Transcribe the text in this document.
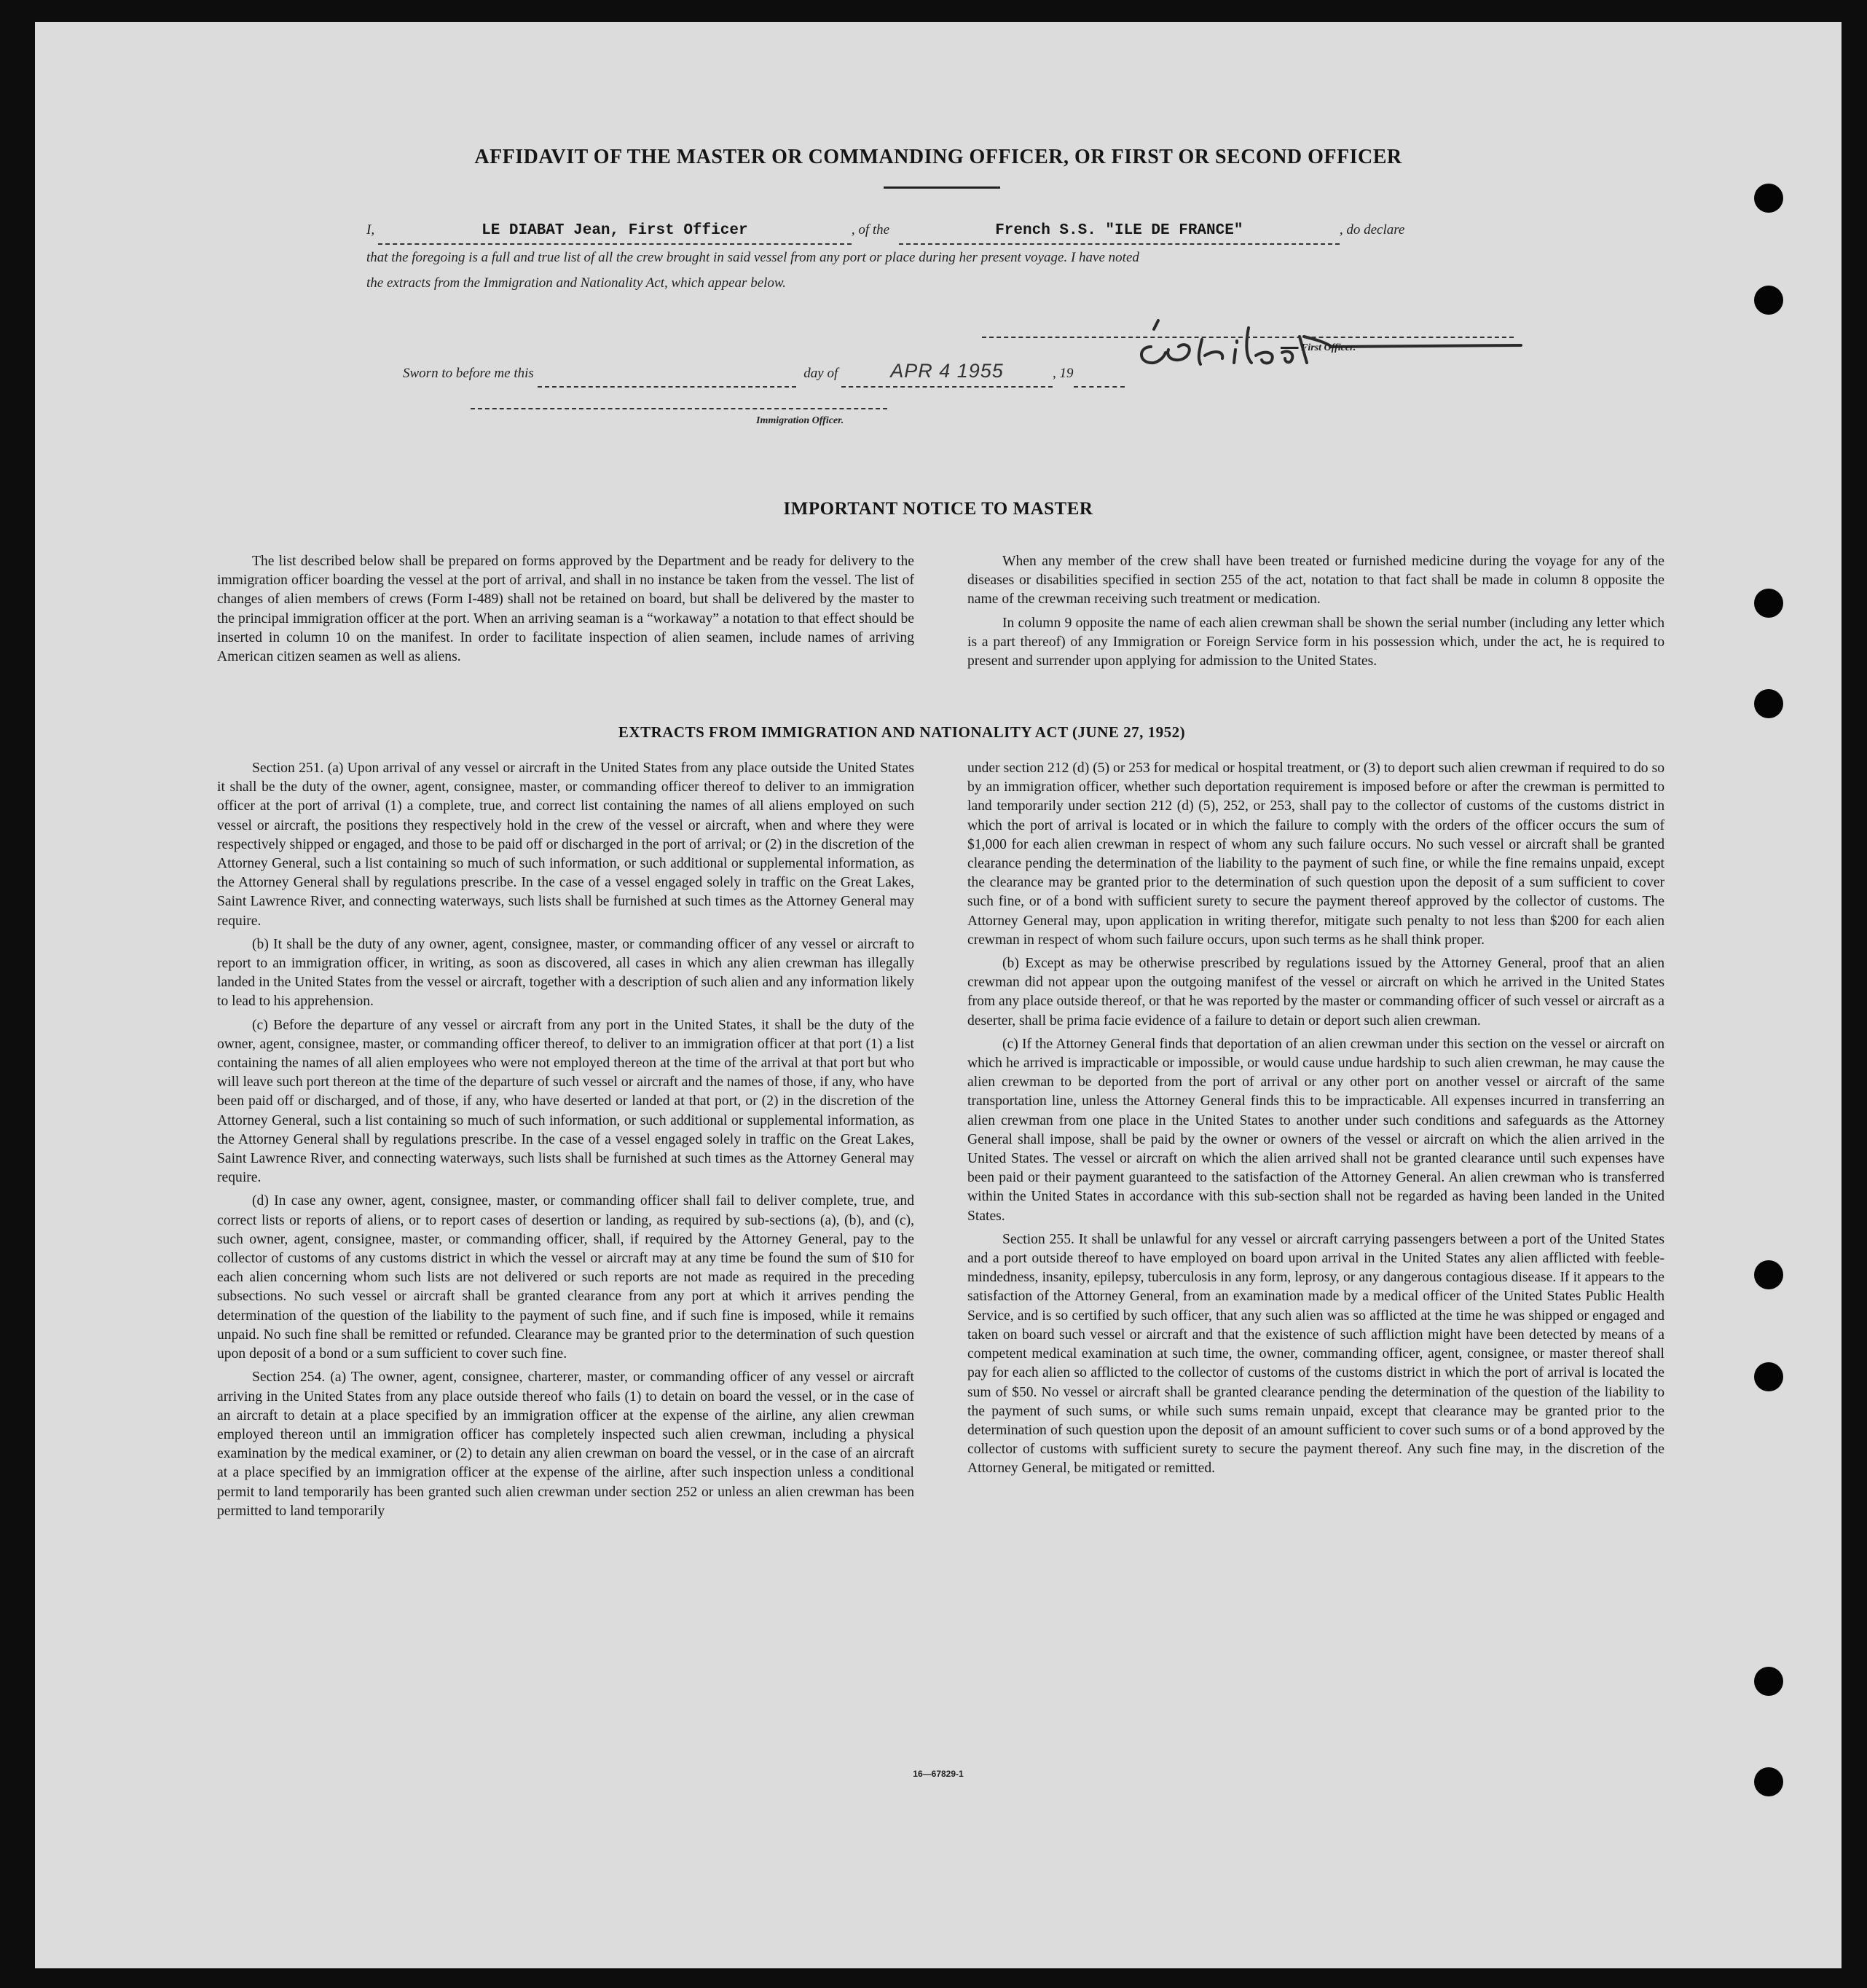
AFFIDAVIT OF THE MASTER OR COMMANDING OFFICER, OR FIRST OR SECOND OFFICER
I,	LE DIABAT Jean, First Officer	, of the	French S.S. "ILE DE FRANCE"	, do declare
that the foregoing is a full and true list of all the crew brought in said vessel from any port or place during her present voyage. I have noted
the extracts from the Immigration and Nationality Act, which appear below.
First Officer.
Sworn to before me this	day of	APR 4 1955	, 19
Immigration Officer.
IMPORTANT NOTICE TO MASTER

The list described below shall be prepared on forms approved by the Department and be ready for delivery to the immigration officer boarding the vessel at the port of arrival, and shall in no instance be taken from the vessel. The list of changes of alien members of crews (Form I-489) shall not be retained on board, but shall be delivered by the master to the principal immigration officer at the port. When an arriving seaman is a “workaway” a notation to that effect should be inserted in column 10 on the manifest. In order to facilitate inspection of alien seamen, include names of arriving American citizen seamen as well as aliens.

When any member of the crew shall have been treated or furnished medicine during the voyage for any of the diseases or disabilities specified in section 255 of the act, notation to that fact shall be made in column 8 opposite the name of the crewman receiving such treatment or medication.

In column 9 opposite the name of each alien crewman shall be shown the serial number (including any letter which is a part thereof) of any Immigration or Foreign Service form in his possession which, under the act, he is required to present and surrender upon applying for admission to the United States.

EXTRACTS FROM IMMIGRATION AND NATIONALITY ACT (JUNE 27, 1952)

Section 251. (a) Upon arrival of any vessel or aircraft in the United States from any place outside the United States it shall be the duty of the owner, agent, consignee, master, or commanding officer thereof to deliver to an immigration officer at the port of arrival (1) a complete, true, and correct list containing the names of all aliens employed on such vessel or aircraft, the positions they respectively hold in the crew of the vessel or aircraft, when and where they were respectively shipped or engaged, and those to be paid off or discharged in the port of arrival; or (2) in the discretion of the Attorney General, such a list containing so much of such information, or such additional or supplemental information, as the Attorney General shall by regulations prescribe. In the case of a vessel engaged solely in traffic on the Great Lakes, Saint Lawrence River, and connecting waterways, such lists shall be furnished at such times as the Attorney General may require.

(b) It shall be the duty of any owner, agent, consignee, master, or commanding officer of any vessel or aircraft to report to an immigration officer, in writing, as soon as discovered, all cases in which any alien crewman has illegally landed in the United States from the vessel or aircraft, together with a description of such alien and any information likely to lead to his apprehension.

(c) Before the departure of any vessel or aircraft from any port in the United States, it shall be the duty of the owner, agent, consignee, master, or commanding officer thereof, to deliver to an immigration officer at that port (1) a list containing the names of all alien employees who were not employed thereon at the time of the arrival at that port but who will leave such port thereon at the time of the departure of such vessel or aircraft and the names of those, if any, who have been paid off or discharged, and of those, if any, who have deserted or landed at that port, or (2) in the discretion of the Attorney General, such a list containing so much of such information, or such additional or supplemental information, as the Attorney General shall by regulations prescribe. In the case of a vessel engaged solely in traffic on the Great Lakes, Saint Lawrence River, and connecting waterways, such lists shall be furnished at such times as the Attorney General may require.

(d) In case any owner, agent, consignee, master, or commanding officer shall fail to deliver complete, true, and correct lists or reports of aliens, or to report cases of desertion or landing, as required by sub-sections (a), (b), and (c), such owner, agent, consignee, master, or commanding officer, shall, if required by the Attorney General, pay to the collector of customs of any customs district in which the vessel or aircraft may at any time be found the sum of $10 for each alien concerning whom such lists are not delivered or such reports are not made as required in the preceding subsections. No such vessel or aircraft shall be granted clearance from any port at which it arrives pending the determination of the question of the liability to the payment of such fine, and if such fine is imposed, while it remains unpaid. No such fine shall be remitted or refunded. Clearance may be granted prior to the determination of such question upon deposit of a bond or a sum sufficient to cover such fine.

Section 254. (a) The owner, agent, consignee, charterer, master, or commanding officer of any vessel or aircraft arriving in the United States from any place outside thereof who fails (1) to detain on board the vessel, or in the case of an aircraft to detain at a place specified by an immigration officer at the expense of the airline, any alien crewman employed thereon until an immigration officer has completely inspected such alien crewman, including a physical examination by the medical examiner, or (2) to detain any alien crewman on board the vessel, or in the case of an aircraft at a place specified by an immigration officer at the expense of the airline, after such inspection unless a conditional permit to land temporarily has been granted such alien crewman under section 252 or unless an alien crewman has been permitted to land temporarily

under section 212 (d) (5) or 253 for medical or hospital treatment, or (3) to deport such alien crewman if required to do so by an immigration officer, whether such deportation requirement is imposed before or after the crewman is permitted to land temporarily under section 212 (d) (5), 252, or 253, shall pay to the collector of customs of the customs district in which the port of arrival is located or in which the failure to comply with the orders of the officer occurs the sum of $1,000 for each alien crewman in respect of whom any such failure occurs. No such vessel or aircraft shall be granted clearance pending the determination of the liability to the payment of such fine, or while the fine remains unpaid, except the clearance may be granted prior to the determination of such question upon the deposit of a sum sufficient to cover such fine, or of a bond with sufficient surety to secure the payment thereof approved by the collector of customs. The Attorney General may, upon application in writing therefor, mitigate such penalty to not less than $200 for each alien crewman in respect of whom such failure occurs, upon such terms as he shall think proper.

(b) Except as may be otherwise prescribed by regulations issued by the Attorney General, proof that an alien crewman did not appear upon the outgoing manifest of the vessel or aircraft on which he arrived in the United States from any place outside thereof, or that he was reported by the master or commanding officer of such vessel or aircraft as a deserter, shall be prima facie evidence of a failure to detain or deport such alien crewman.

(c) If the Attorney General finds that deportation of an alien crewman under this section on the vessel or aircraft on which he arrived is impracticable or impossible, or would cause undue hardship to such alien crewman, he may cause the alien crewman to be deported from the port of arrival or any other port on another vessel or aircraft of the same transportation line, unless the Attorney General finds this to be impracticable. All expenses incurred in transferring an alien crewman from one place in the United States to another under such conditions and safeguards as the Attorney General shall impose, shall be paid by the owner or owners of the vessel or aircraft on which the alien arrived in the United States. The vessel or aircraft on which the alien arrived shall not be granted clearance until such expenses have been paid or their payment guaranteed to the satisfaction of the Attorney General. An alien crewman who is transferred within the United States in accordance with this sub-section shall not be regarded as having been landed in the United States.

Section 255. It shall be unlawful for any vessel or aircraft carrying passengers between a port of the United States and a port outside thereof to have employed on board upon arrival in the United States any alien afflicted with feeble-mindedness, insanity, epilepsy, tuberculosis in any form, leprosy, or any dangerous contagious disease. If it appears to the satisfaction of the Attorney General, from an examination made by a medical officer of the United States Public Health Service, and is so certified by such officer, that any such alien was so afflicted at the time he was shipped or engaged and taken on board such vessel or aircraft and that the existence of such affliction might have been detected by means of a competent medical examination at such time, the owner, commanding officer, agent, consignee, or master thereof shall pay for each alien so afflicted to the collector of customs of the customs district in which the port of arrival is located the sum of $50. No vessel or aircraft shall be granted clearance pending the determination of the question of the liability to the payment of such sums, or while such sums remain unpaid, except that clearance may be granted prior to the determination of such question upon the deposit of an amount sufficient to cover such sums or of a bond approved by the collector of customs with sufficient surety to secure the payment thereof. Any such fine may, in the discretion of the Attorney General, be mitigated or remitted.

16—67829-1
